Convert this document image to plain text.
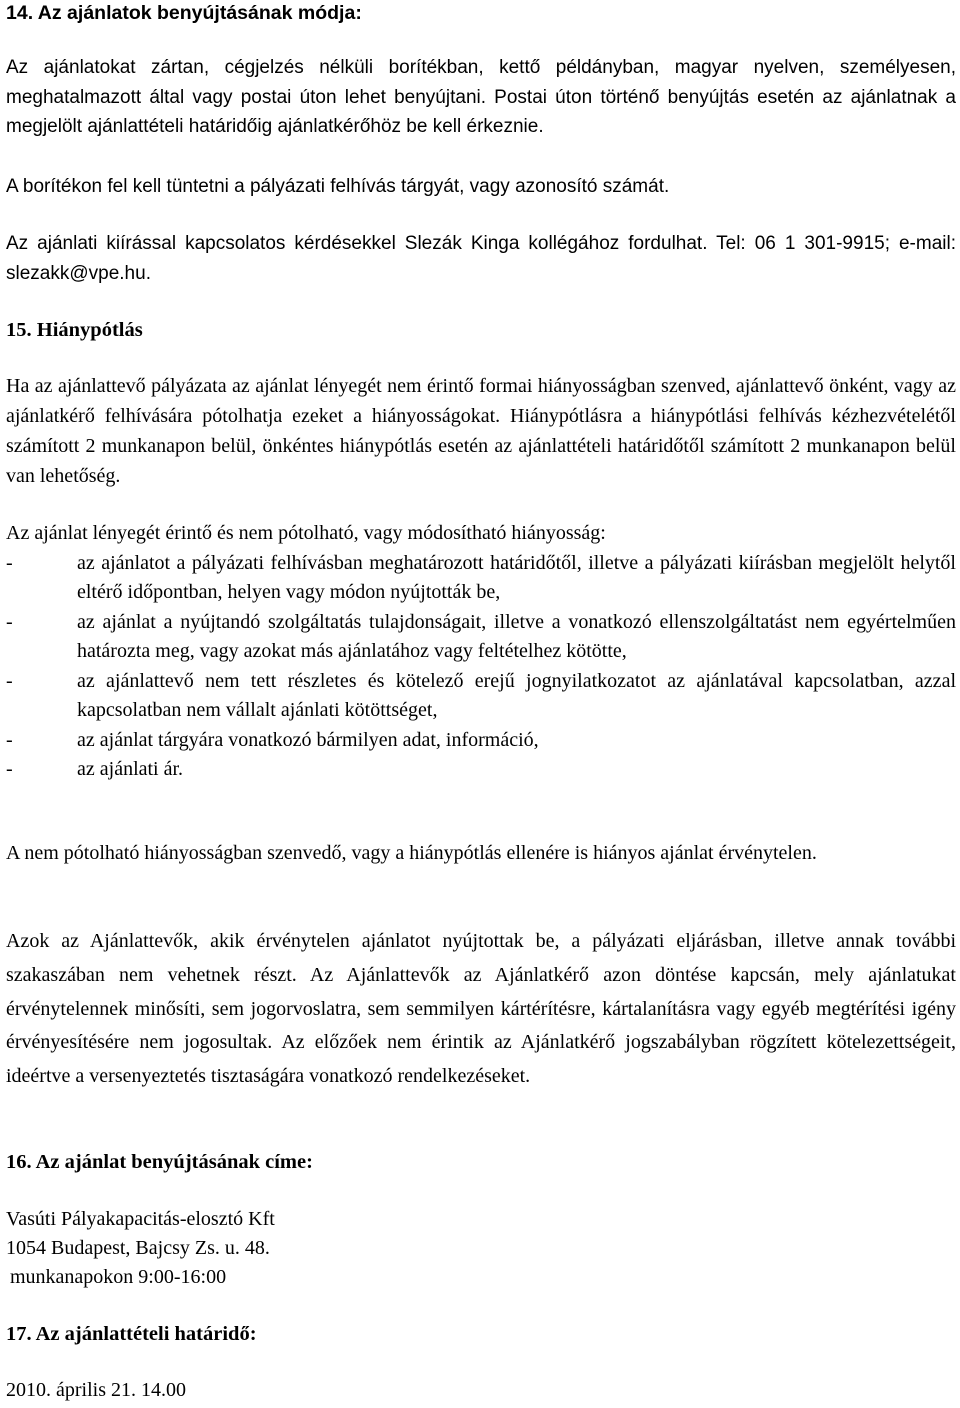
14. Az ajánlatok benyújtásának módja:

Az ajánlatokat zártan, cégjelzés nélküli borítékban, kettő példányban, magyar nyelven, személyesen, meghatalmazott által vagy postai úton lehet benyújtani. Postai úton történő benyújtás esetén az ajánlatnak a megjelölt ajánlattételi határidőig ajánlatkérőhöz be kell érkeznie.

A borítékon fel kell tüntetni a pályázati felhívás tárgyát, vagy azonosító számát.

Az ajánlati kiírással kapcsolatos kérdésekkel Slezák Kinga kollégához fordulhat. Tel: 06 1 301-9915; e-mail: slezakk@vpe.hu.

15. Hiánypótlás

Ha az ajánlattevő pályázata az ajánlat lényegét nem érintő formai hiányosságban szenved, ajánlattevő önként, vagy az ajánlatkérő felhívására pótolhatja ezeket a hiányosságokat. Hiánypótlásra a hiánypótlási felhívás kézhezvételétől számított 2 munkanapon belül, önkéntes hiánypótlás esetén az ajánlattételi határidőtől számított 2 munkanapon belül van lehetőség.

Az ajánlat lényegét érintő és nem pótolható, vagy módosítható hiányosság:

-	az ajánlatot a pályázati felhívásban meghatározott határidőtől, illetve a pályázati kiírásban megjelölt helytől eltérő időpontban, helyen vagy módon nyújtották be,
-	az ajánlat a nyújtandó szolgáltatás tulajdonságait, illetve a vonatkozó ellenszolgáltatást nem egyértelműen határozta meg, vagy azokat más ajánlatához vagy feltételhez kötötte,
-	az ajánlattevő nem tett részletes és kötelező erejű jognyilatkozatot az ajánlatával kapcsolatban, azzal kapcsolatban nem vállalt ajánlati kötöttséget,
-	az ajánlat tárgyára vonatkozó bármilyen adat, információ,
-	az ajánlati ár.

A nem pótolható hiányosságban szenvedő, vagy a hiánypótlás ellenére is hiányos ajánlat érvénytelen.

Azok az Ajánlattevők, akik érvénytelen ajánlatot nyújtottak be, a pályázati eljárásban, illetve annak további szakaszában nem vehetnek részt. Az Ajánlattevők az Ajánlatkérő azon döntése kapcsán, mely ajánlatukat érvénytelennek minősíti, sem jogorvoslatra, sem semmilyen kártérítésre, kártalanításra vagy egyéb megtérítési igény érvényesítésére nem jogosultak. Az előzőek nem érintik az Ajánlatkérő jogszabályban rögzített kötelezettségeit, ideértve a versenyeztetés tisztaságára vonatkozó rendelkezéseket.

16. Az ajánlat benyújtásának címe:

Vasúti Pályakapacitás-elosztó Kft

1054 Budapest, Bajcsy Zs. u. 48.

munkanapokon 9:00-16:00

17. Az ajánlattételi határidő:

2010. április 21. 14.00
